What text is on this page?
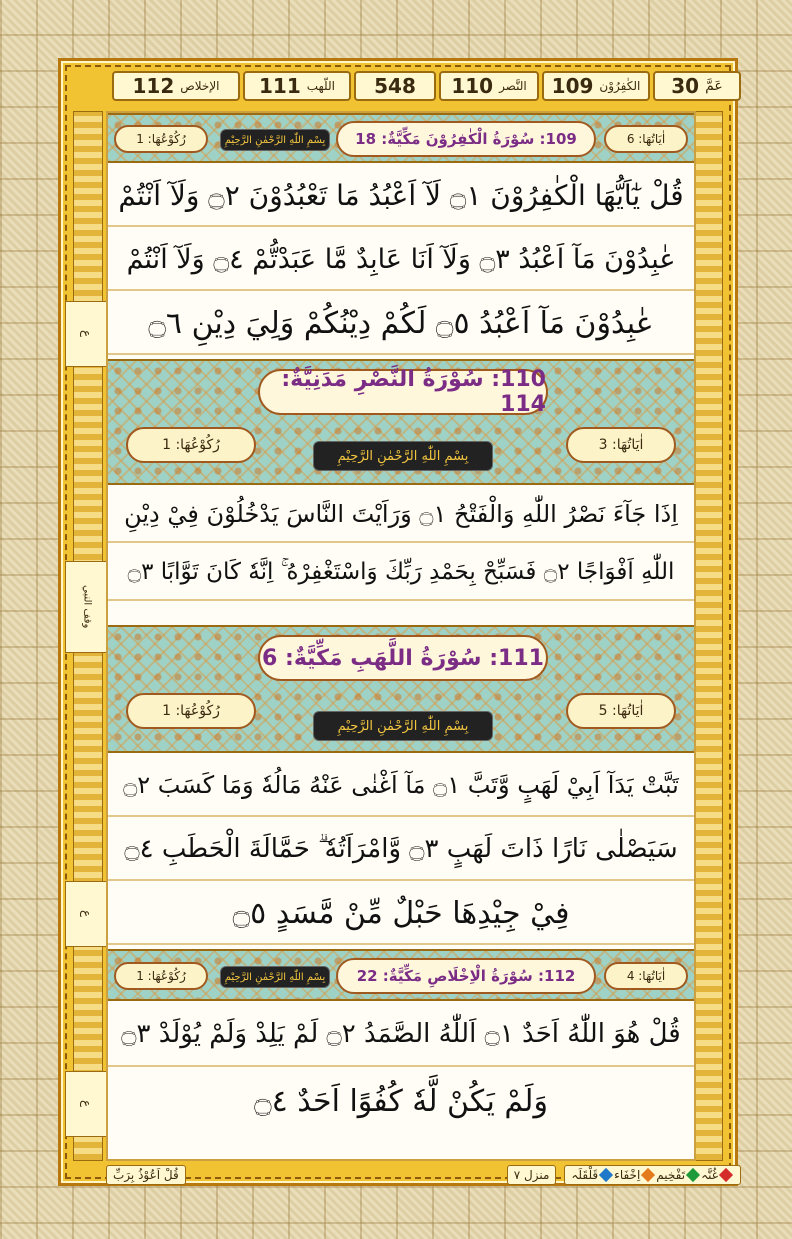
عَمَّ
30
الكٰفِرُوْن
109
النَّصر
110
548
اللّهب
111
الإخلاص
112
ع
وقف النبي
ع
ع
اٰيَاتُهَا: 6
109: سُوْرَةُ الْكٰفِرُوْنَ مَكِّيَّةٌ: 18
بِسْمِ اللّٰهِ الرَّحْمٰنِ الرَّحِيْمِ
رُكُوْعُهَا: 1
قُلْ يٰٓاَيُّهَا الْكٰفِرُوْنَ ۝١ لَآ اَعْبُدُ مَا تَعْبُدُوْنَ ۝٢ وَلَآ اَنْتُمْ
عٰبِدُوْنَ مَآ اَعْبُدُ ۝٣ وَلَآ اَنَا عَابِدٌ مَّا عَبَدْتُّمْ ۝٤ وَلَآ اَنْتُمْ
عٰبِدُوْنَ مَآ اَعْبُدُ ۝٥ لَكُمْ دِيْنُكُمْ وَلِيَ دِيْنِ ۝٦
110: سُوْرَةُ النَّصْرِ مَدَنِيَّةٌ: 114
اٰيَاتُهَا: 3
رُكُوْعُهَا: 1
بِسْمِ اللّٰهِ الرَّحْمٰنِ الرَّحِيْمِ
اِذَا جَآءَ نَصْرُ اللّٰهِ وَالْفَتْحُ ۝١ وَرَاَيْتَ النَّاسَ يَدْخُلُوْنَ فِيْ دِيْنِ
اللّٰهِ اَفْوَاجًا ۝٢ فَسَبِّحْ بِحَمْدِ رَبِّكَ وَاسْتَغْفِرْهُ ۚ اِنَّهٗ كَانَ تَوَّابًا ۝٣
111: سُوْرَةُ اللَّهَبِ مَكِّيَّةٌ: 6
اٰيَاتُهَا: 5
رُكُوْعُهَا: 1
بِسْمِ اللّٰهِ الرَّحْمٰنِ الرَّحِيْمِ
تَبَّتْ يَدَآ اَبِيْ لَهَبٍ وَّتَبَّ ۝١ مَآ اَغْنٰى عَنْهُ مَالُهٗ وَمَا كَسَبَ ۝٢
سَيَصْلٰى نَارًا ذَاتَ لَهَبٍ ۝٣ وَّامْرَاَتُهٗ ۗ حَمَّالَةَ الْحَطَبِ ۝٤
فِيْ جِيْدِهَا حَبْلٌ مِّنْ مَّسَدٍ ۝٥
اٰيَاتُهَا: 4
112: سُوْرَةُ الْاِخْلَاصِ مَكِّيَّةٌ: 22
بِسْمِ اللّٰهِ الرَّحْمٰنِ الرَّحِيْمِ
رُكُوْعُهَا: 1
قُلْ هُوَ اللّٰهُ اَحَدٌ ۝١ اَللّٰهُ الصَّمَدُ ۝٢ لَمْ يَلِدْ وَلَمْ يُوْلَدْ ۝٣
وَلَمْ يَكُنْ لَّهٗ كُفُوًا اَحَدٌ ۝٤
غُنَّہ
تَفْخِيم
اِخْفَاء
قَلْقَلَہ
منزل ٧
قُلْ اَعُوْذُ بِرَبِّ
